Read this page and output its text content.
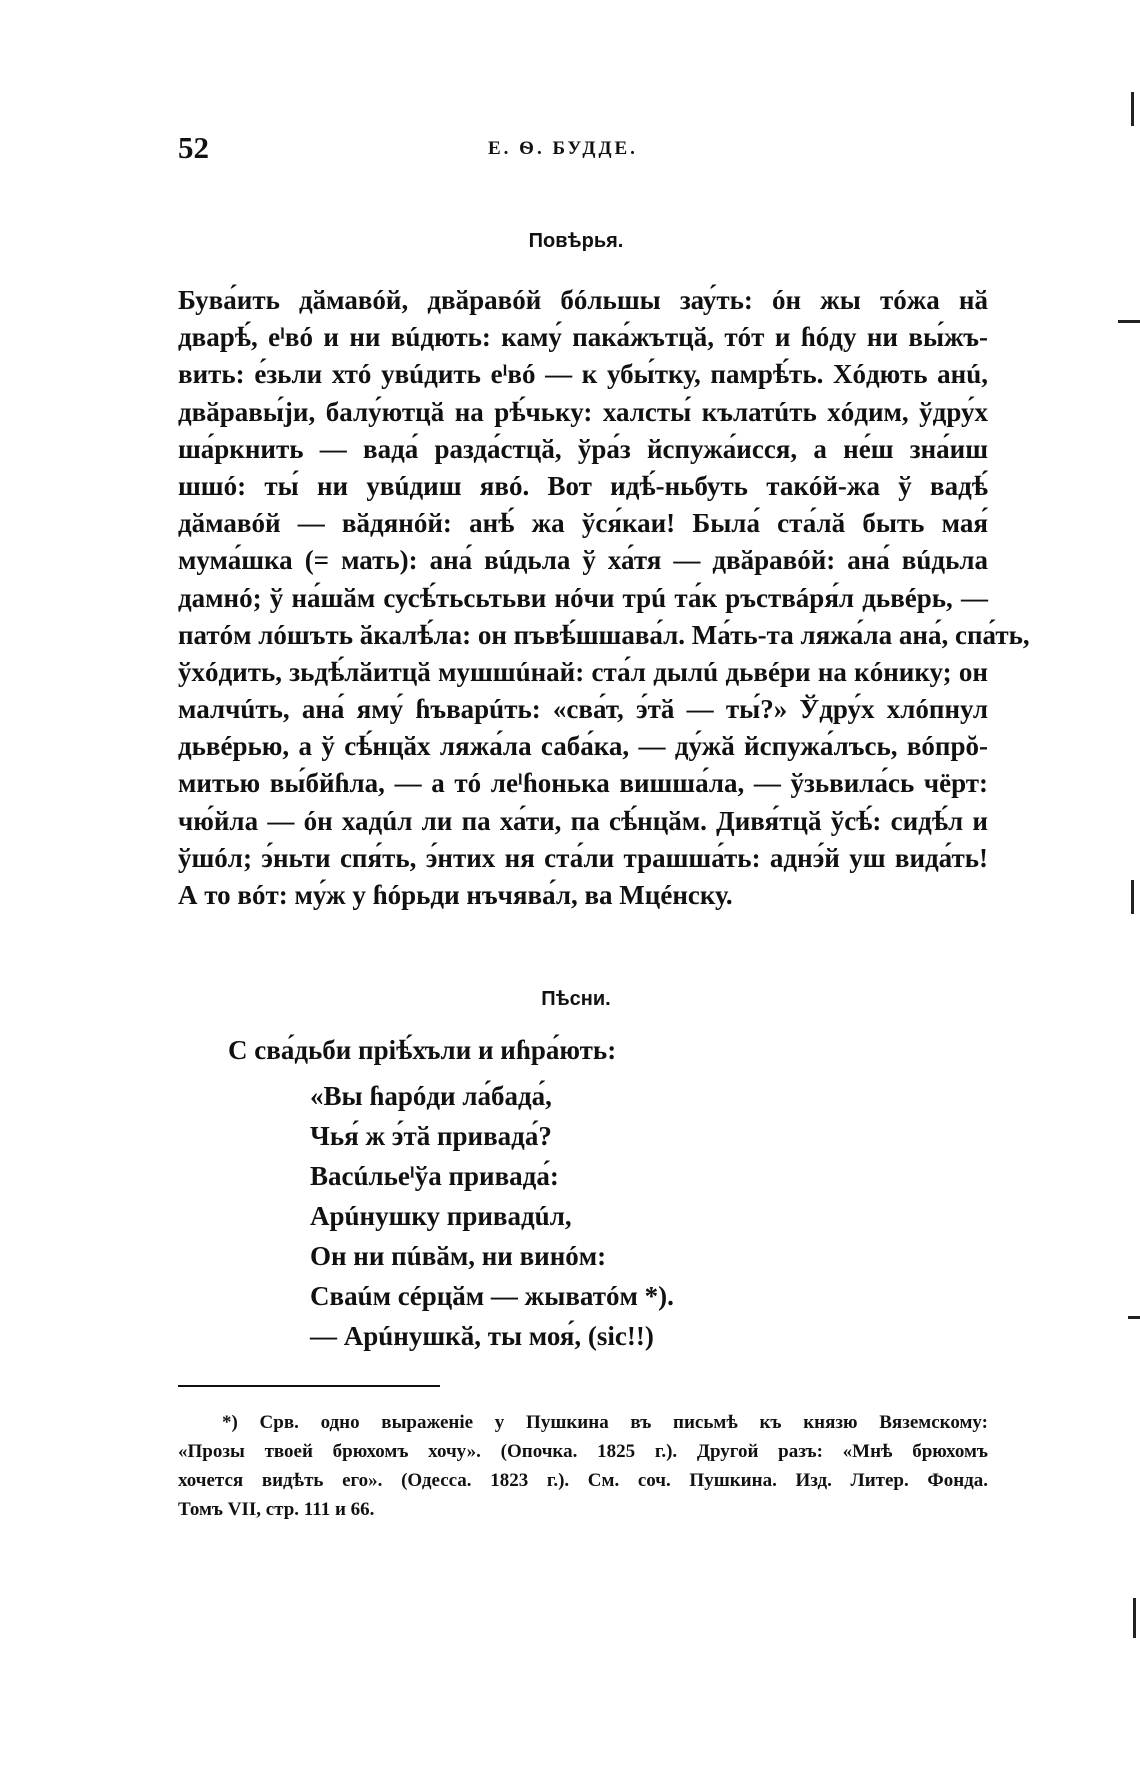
52	Е. Ѳ. БУДДЕ.
Повѣрья.
Бува́ить дӑмавóй, двӑравóй бóльшы зау́ть: óн жы тóжа нӑ
дварѣ́, еˡвó и ни вúдють: каму́ пака́жътцӑ, тóт и ɦóду ни вы́жъ-
вить: е́зьли хтó увúдить еˡвó — к убы́тку, памрѣ́ть. Хóдють анú,
двӑравы́ји, балу́ютцӑ на рѣ́чьку: халсты́ кълатúть хóдим, ўдру́х
ша́ркнить — вада́ разда́стцӑ, ўра́з йспужа́исся, а не́ш зна́иш
шшó: ты́ ни увúдиш явó. Вот идѣ́-ньбуть такóй-жа ў вадѣ́
дӑмавóй — вӑдянóй: анѣ́ жа ўся́каи! Была́ ста́лӑ быть мая́
мума́шка (= мать): ана́ вúдьла ў ха́тя — двӑравóй: ана́ вúдьла
дамнó; ў на́шӑм сусѣ́тьсьтьви нóчи трú та́к ръствáря́л дьвéрь, —
патóм лóшъть ӑкалѣ́ла: он пъвѣ́шшава́л. Ма́ть-та ляжа́ла ана́, спа́ть,
ўхóдить, зьдѣ́лӑитцӑ мушшúнай: ста́л дылú дьвéри на кóнику; он
малчúть, ана́ яму́ ɦъварúть: «сва́т, э́тӑ — ты́?» Ўдру́х хлóпнул
дьвéрью, а ў сѣ́нцӑх ляжа́ла саба́ка, — ду́жӑ йспужа́лъсь, вóпрŏ-
митью вы́бйɦла, — а тó леˡɦонька вишша́ла, — ўзьвила́сь чёрт:
чю́йла — óн хадúл ли па ха́ти, па сѣ́нцӑм. Дивя́тцӑ ўсѣ́: сидѣ́л и
ўшóл; э́ньти спя́ть, э́нтих ня ста́ли трашша́ть: аднэ́й уш вида́ть!
А то вóт: му́ж у ɦóрьди нъчява́л, ва Мцéнску.
Пѣсни.
С сва́дьби прiѣ́хъли и иɦра́ють:
«Вы ɦарóди ла́бада́,
Чья́ ж э́тӑ привада́?
Васúльеˡўа привада́:
Арúнушку привадúл,
Он ни пúвӑм, ни винóм:
Сваúм сéрцӑм — жыватóм *).
— Арúнушкӑ, ты моя́, (sic!!)
*) Срв. одно выраженіе у Пушкина въ письмѣ къ князю Вяземскому:
«Прозы твоей брюхомъ хочу». (Опочка. 1825 г.). Другой разъ: «Мнѣ брюхомъ
хочется видѣть его». (Одесса. 1823 г.). См. соч. Пушкина. Изд. Литер. Фонда.
Томъ VII, стр. 111 и 66.
